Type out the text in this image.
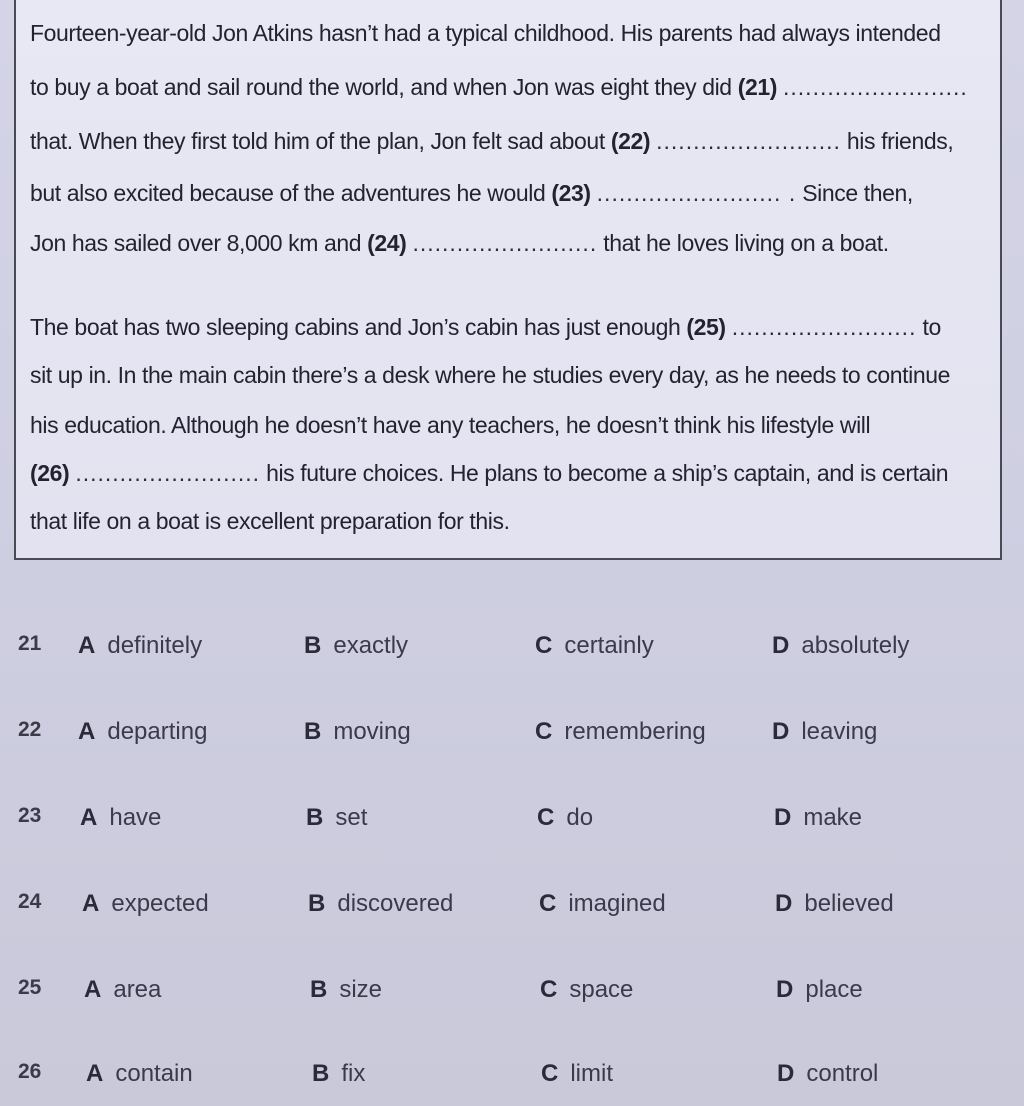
Fourteen-year-old Jon Atkins hasn’t had a typical childhood. His parents had always intended
to buy a boat and sail round the world, and when Jon was eight they did (21) .........................
that. When they first told him of the plan, Jon felt sad about (22) ......................... his friends,
but also excited because of the adventures he would (23) ......................... . Since then,
Jon has sailed over 8,000 km and (24) ......................... that he loves living on a boat.
The boat has two sleeping cabins and Jon’s cabin has just enough (25) ......................... to
sit up in. In the main cabin there’s a desk where he studies every day, as he needs to continue
his education. Although he doesn’t have any teachers, he doesn’t think his lifestyle will
(26) ......................... his future choices. He plans to become a ship’s captain, and is certain
that life on a boat is excellent preparation for this.
21 A definitely	B exactly	C certainly	D absolutely
22 A departing	B moving	C remembering	D leaving
23 A have	B set	C do	D make
24 A expected	B discovered	C imagined	D believed
25 A area	B size	C space	D place
26 A contain	B fix	C limit	D control
